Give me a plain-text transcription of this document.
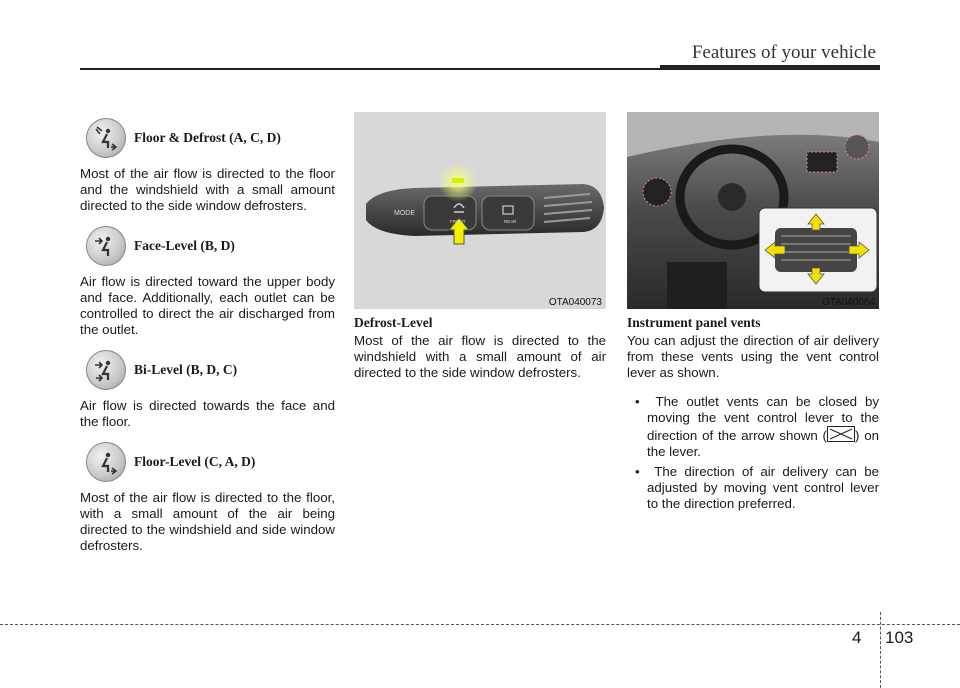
Features of your vehicle
Floor & Defrost (A, C, D)

Most of the air flow is directed to the floor and the windshield with a small amount directed to the side window defrosters.

Face-Level (B, D)

Air flow is directed toward the upper body and face. Additionally, each outlet can be controlled to direct the air discharged from the outlet.

Bi-Level (B, D, C)

Air flow is directed towards the face and the floor.

Floor-Level (C, A, D)

Most of the air flow is directed to the floor, with a small amount of the air being directed to the windshield and side window defrosters.

MODE
FRONT	REAR
OTA040073
Defrost-Level

Most of the air flow is directed to the windshield with a small amount of air directed to the side window defrosters.

OTA040064
Instrument panel vents

You can adjust the direction of air delivery from these vents using the vent control lever as shown.

•  The outlet vents can be closed by moving the vent control lever to the direction of the arrow shown ( ) on the lever.
•  The direction of air delivery can be adjusted by moving vent control lever to the direction preferred.
4 103
